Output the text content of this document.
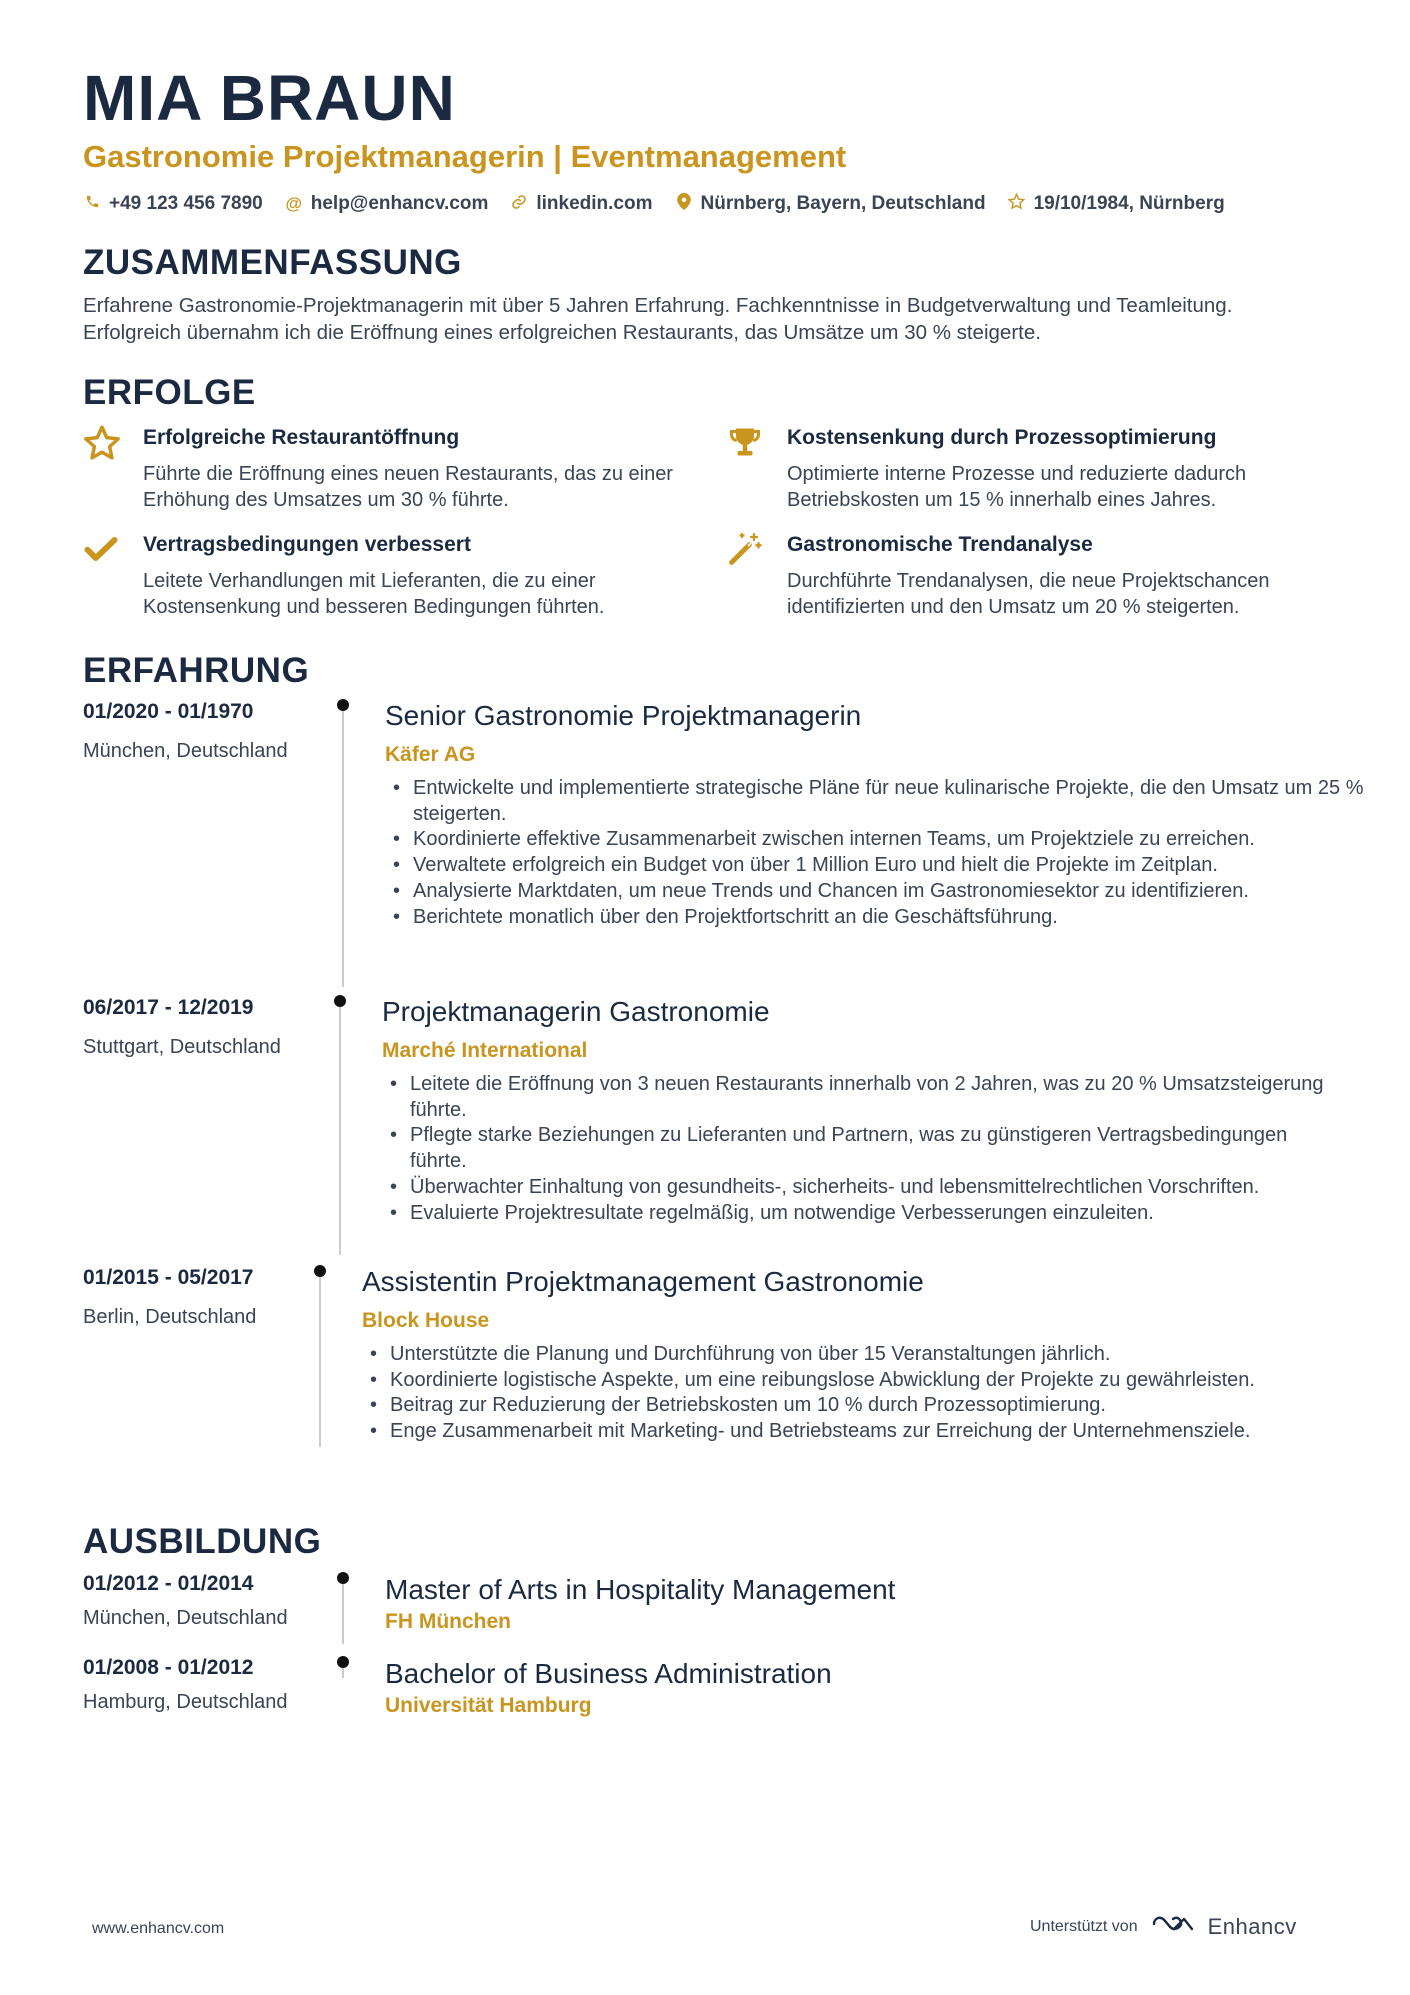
MIA BRAUN
Gastronomie Projektmanagerin | Eventmanagement
+49 123 456 7890 @ help@enhancv.com	linkedin.com	Nürnberg, Bayern, Deutschland	19/10/1984, Nürnberg
ZUSAMMENFASSUNG
Erfahrene Gastronomie-Projektmanagerin mit über 5 Jahren Erfahrung. Fachkenntnisse in Budgetverwaltung und Teamleitung. Erfolgreich übernahm ich die Eröffnung eines erfolgreichen Restaurants, das Umsätze um 30 % steigerte.
ERFOLGE
Erfolgreiche Restaurantöffnung
Führte die Eröffnung eines neuen Restaurants, das zu einer Erhöhung des Umsatzes um 30 % führte.
Kostensenkung durch Prozessoptimierung
Optimierte interne Prozesse und reduzierte dadurch Betriebskosten um 15 % innerhalb eines Jahres.
Vertragsbedingungen verbessert
Leitete Verhandlungen mit Lieferanten, die zu einer Kostensenkung und besseren Bedingungen führten.
Gastronomische Trendanalyse
Durchführte Trendanalysen, die neue Projektschancen identifizierten und den Umsatz um 20 % steigerten.
ERFAHRUNG
01/2020 - 01/1970
München, Deutschland
Senior Gastronomie Projektmanagerin
Käfer AG
• Entwickelte und implementierte strategische Pläne für neue kulinarische Projekte, die den Umsatz um 25 % steigerten.
• Koordinierte effektive Zusammenarbeit zwischen internen Teams, um Projektziele zu erreichen.
• Verwaltete erfolgreich ein Budget von über 1 Million Euro und hielt die Projekte im Zeitplan.
• Analysierte Marktdaten, um neue Trends und Chancen im Gastronomiesektor zu identifizieren.
• Berichtete monatlich über den Projektfortschritt an die Geschäftsführung.
06/2017 - 12/2019
Stuttgart, Deutschland
Projektmanagerin Gastronomie
Marché International
• Leitete die Eröffnung von 3 neuen Restaurants innerhalb von 2 Jahren, was zu 20 % Umsatzsteigerung führte.
• Pflegte starke Beziehungen zu Lieferanten und Partnern, was zu günstigeren Vertragsbedingungen führte.
• Überwachter Einhaltung von gesundheits-, sicherheits- und lebensmittelrechtlichen Vorschriften.
• Evaluierte Projektresultate regelmäßig, um notwendige Verbesserungen einzuleiten.
01/2015 - 05/2017
Berlin, Deutschland
Assistentin Projektmanagement Gastronomie
Block House
• Unterstützte die Planung und Durchführung von über 15 Veranstaltungen jährlich.
• Koordinierte logistische Aspekte, um eine reibungslose Abwicklung der Projekte zu gewährleisten.
• Beitrag zur Reduzierung der Betriebskosten um 10 % durch Prozessoptimierung.
• Enge Zusammenarbeit mit Marketing- und Betriebsteams zur Erreichung der Unternehmensziele.
AUSBILDUNG
01/2012 - 01/2014
München, Deutschland
Master of Arts in Hospitality Management
FH München
01/2008 - 01/2012
Hamburg, Deutschland
Bachelor of Business Administration
Universität Hamburg
www.enhancv.com	Unterstützt von	Enhancv
